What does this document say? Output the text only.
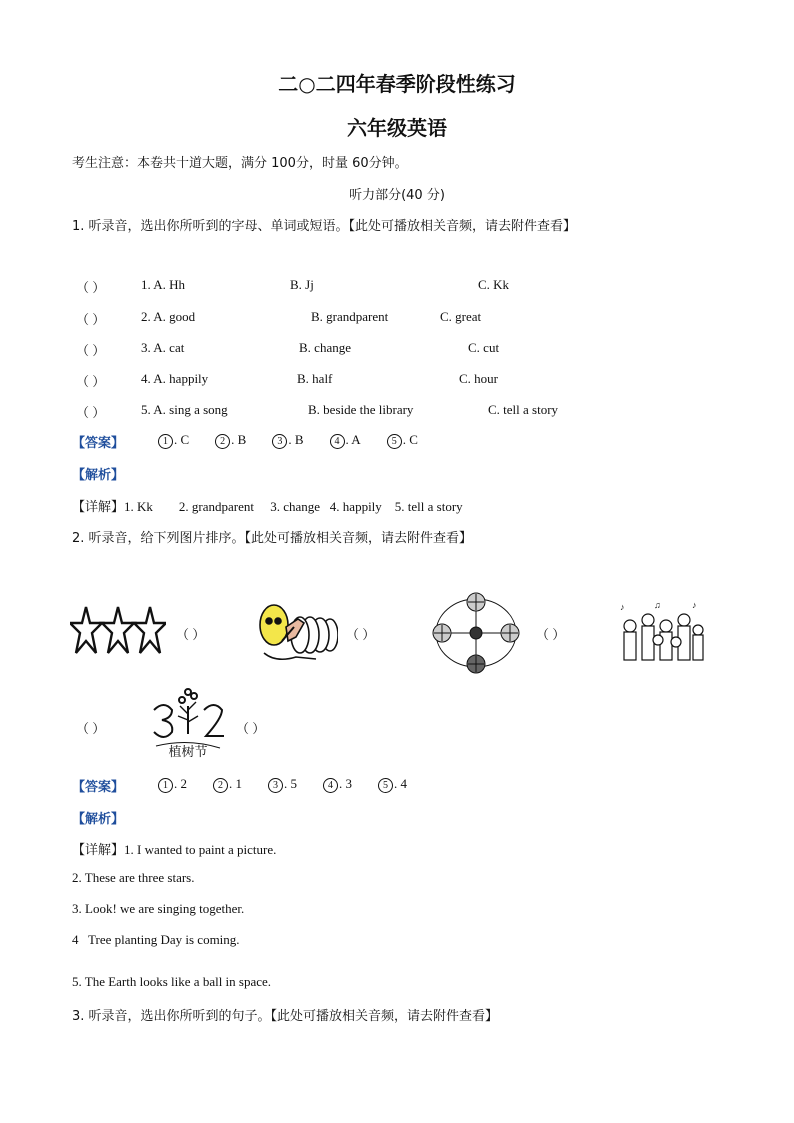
二○二四年春季阶段性练习
六年级英语
考生注意：本卷共十道大题，满分 100分，时量 60分钟。
听力部分(40 分)
1. 听录音，选出你所听到的字母、单词或短语。【此处可播放相关音频，请去附件查看】
（ ）	1. A. Hh	B. Jj	C. Kk
（ ）	2. A. good	B. grandparent	C. great
（ ）	3. A. cat	B. change	C. cut
（ ）	4. A. happily	B. half	C. hour
（ ）	5. A. sing a song	B. beside the library	C. tell a story
【答案】	1 . C	2 . B	3 . B	4 . A	5 . C
【解析】
【详解】1. Kk        2. grandparent     3. change   4. happily    5. tell a story
2. 听录音，给下列图片排序。【此处可播放相关音频，请去附件查看】
（ ）	（ ）	（ ）
♪	♫	♪
（ ）
植树节
（ ）
【答案】	1 . 2	2 . 1	3 . 5	4 . 3	5 . 4
【解析】
【详解】1. I wanted to paint a picture.
2. These are three stars.
3. Look! we are singing together.
4   Tree planting Day is coming.
5. The Earth looks like a ball in space.
3. 听录音，选出你所听到的句子。【此处可播放相关音频，请去附件查看】
